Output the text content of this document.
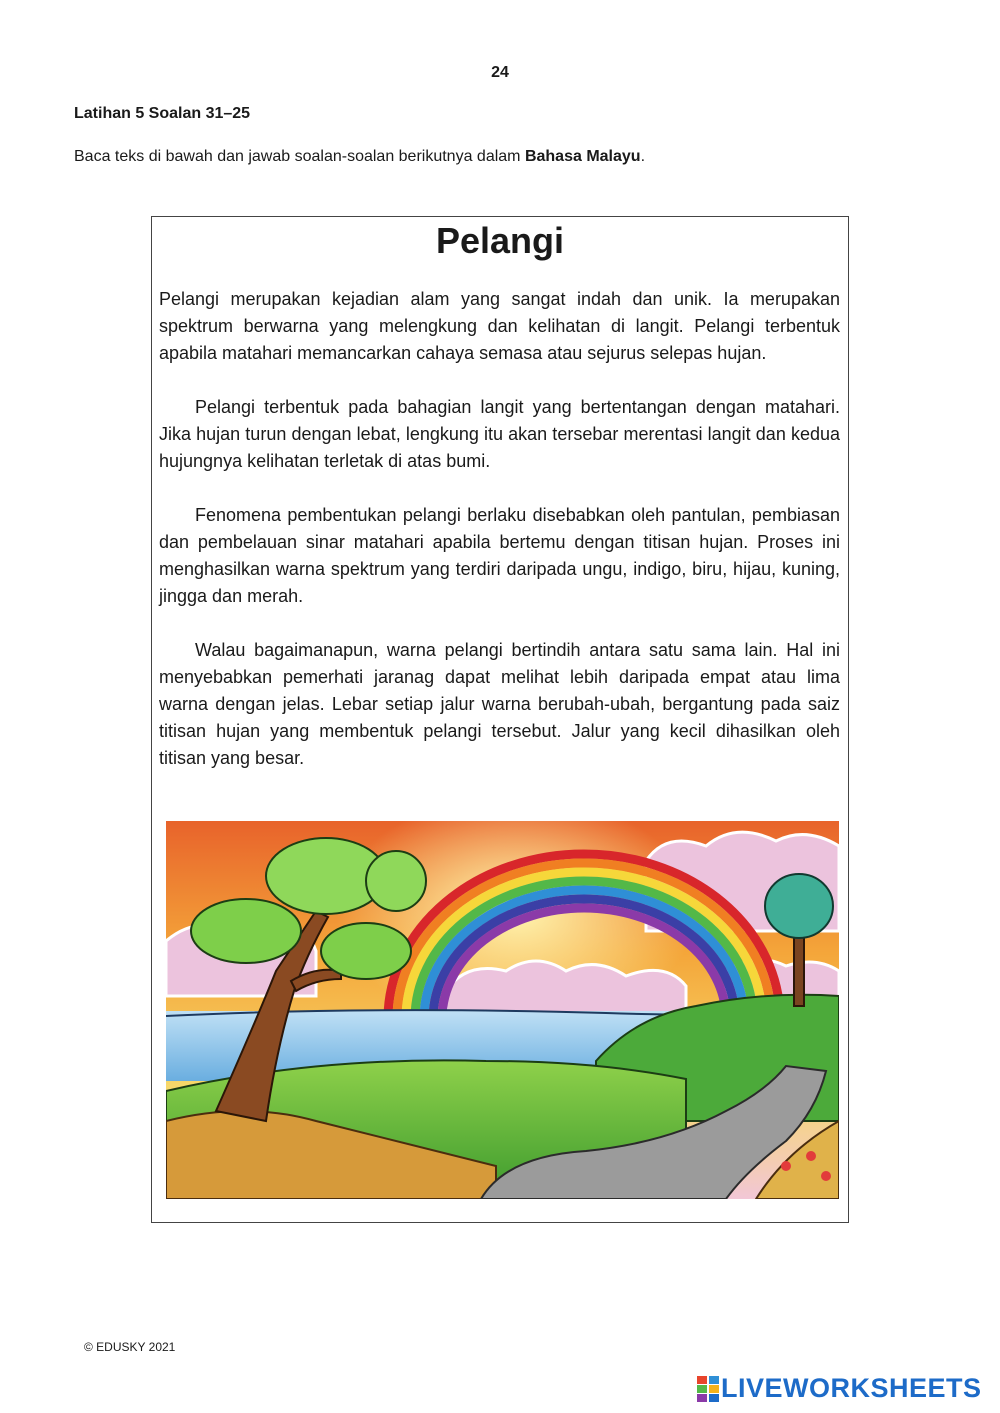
24
Latihan 5 Soalan 31–25
Baca teks di bawah dan jawab soalan-soalan berikutnya dalam Bahasa Malayu.
Pelangi

Pelangi merupakan kejadian alam yang sangat indah dan unik. Ia merupakan spektrum berwarna yang melengkung dan kelihatan di langit. Pelangi terbentuk apabila matahari memancarkan cahaya semasa atau sejurus selepas hujan.

Pelangi terbentuk pada bahagian langit yang bertentangan dengan matahari. Jika hujan turun dengan lebat, lengkung itu akan tersebar merentasi langit dan kedua hujungnya kelihatan terletak di atas bumi.

Fenomena pembentukan pelangi berlaku disebabkan oleh pantulan, pembiasan dan pembelauan sinar matahari apabila bertemu dengan titisan hujan. Proses ini menghasilkan warna spektrum yang terdiri daripada ungu, indigo, biru, hijau, kuning, jingga dan merah.

Walau bagaimanapun, warna pelangi bertindih antara satu sama lain. Hal ini menyebabkan pemerhati jaranag dapat melihat lebih daripada empat atau lima warna dengan jelas. Lebar setiap jalur warna berubah-ubah, bergantung pada saiz titisan hujan yang membentuk pelangi tersebut. Jalur yang kecil dihasilkan oleh titisan yang besar.

© EDUSKY 2021
LIVEWORKSHEETS
